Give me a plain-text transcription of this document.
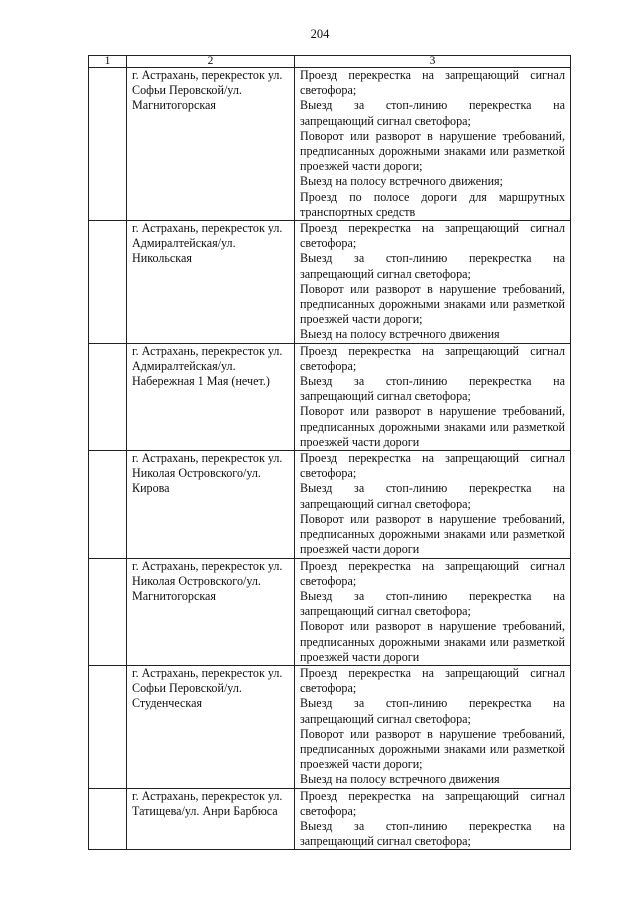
204
1	2	3
	г. Астрахань, перекресток ул. Софьи Перовской/ул. Магнитогорская	Проезд перекрестка на запрещающий сигнал светофора;
Выезд за стоп-линию перекрестка на запрещающий сигнал светофора;
Поворот или разворот в нарушение требований, предписанных дорожными знаками или разметкой проезжей части дороги;
Выезд на полосу встречного движения;
Проезд по полосе дороги для маршрутных транспортных средств

	г. Астрахань, перекресток ул. Адмиралтейская/ул. Никольская	Проезд перекрестка на запрещающий сигнал светофора;
Выезд за стоп-линию перекрестка на запрещающий сигнал светофора;
Поворот или разворот в нарушение требований, предписанных дорожными знаками или разметкой проезжей части дороги;
Выезд на полосу встречного движения

	г. Астрахань, перекресток ул. Адмиралтейская/ул. Набережная 1 Мая (нечет.)	Проезд перекрестка на запрещающий сигнал светофора;
Выезд за стоп-линию перекрестка на запрещающий сигнал светофора;
Поворот или разворот в нарушение требований, предписанных дорожными знаками или разметкой проезжей части дороги

	г. Астрахань, перекресток ул. Николая Островского/ул. Кирова	Проезд перекрестка на запрещающий сигнал светофора;
Выезд за стоп-линию перекрестка на запрещающий сигнал светофора;
Поворот или разворот в нарушение требований, предписанных дорожными знаками или разметкой проезжей части дороги

	г. Астрахань, перекресток ул. Николая Островского/ул. Магнитогорская	Проезд перекрестка на запрещающий сигнал светофора;
Выезд за стоп-линию перекрестка на запрещающий сигнал светофора;
Поворот или разворот в нарушение требований, предписанных дорожными знаками или разметкой проезжей части дороги

	г. Астрахань, перекресток ул. Софьи Перовской/ул. Студенческая	Проезд перекрестка на запрещающий сигнал светофора;
Выезд за стоп-линию перекрестка на запрещающий сигнал светофора;
Поворот или разворот в нарушение требований, предписанных дорожными знаками или разметкой проезжей части дороги;
Выезд на полосу встречного движения

	г. Астрахань, перекресток ул. Татищева/ул. Анри Барбюса	Проезд перекрестка на запрещающий сигнал светофора;
Выезд за стоп-линию перекрестка на запрещающий сигнал светофора;
